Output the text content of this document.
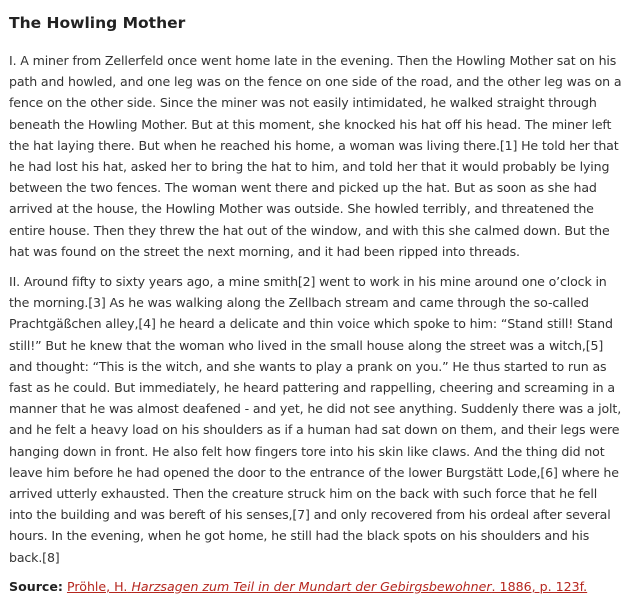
The Howling Mother

I. A miner from Zellerfeld once went home late in the evening. Then the Howling Mother sat on his path and howled, and one leg was on the fence on one side of the road, and the other leg was on a fence on the other side. Since the miner was not easily intimidated, he walked straight through beneath the Howling Mother. But at this moment, she knocked his hat off his head. The miner left the hat laying there. But when he reached his home, a woman was living there.[1] He told her that he had lost his hat, asked her to bring the hat to him, and told her that it would probably be lying between the two fences. The woman went there and picked up the hat. But as soon as she had arrived at the house, the Howling Mother was outside. She howled terribly, and threatened the entire house. Then they threw the hat out of the window, and with this she calmed down. But the hat was found on the street the next morning, and it had been ripped into threads.

II. Around fifty to sixty years ago, a mine smith[2] went to work in his mine around one o’clock in the morning.[3] As he was walking along the Zellbach stream and came through the so-called Prachtgäßchen alley,[4] he heard a delicate and thin voice which spoke to him: “Stand still! Stand still!” But he knew that the woman who lived in the small house along the street was a witch,[5] and thought: “This is the witch, and she wants to play a prank on you.” He thus started to run as fast as he could. But immediately, he heard pattering and rappelling, cheering and screaming in a manner that he was almost deafened - and yet, he did not see anything. Suddenly there was a jolt, and he felt a heavy load on his shoulders as if a human had sat down on them, and their legs were hanging down in front. He also felt how fingers tore into his skin like claws. And the thing did not leave him before he had opened the door to the entrance of the lower Burgstätt Lode,[6] where he arrived utterly exhausted. Then the creature struck him on the back with such force that he fell into the building and was bereft of his senses,[7] and only recovered from his ordeal after several hours. In the evening, when he got home, he still had the black spots on his shoulders and his back.[8]

Source: Pröhle, H. Harzsagen zum Teil in der Mundart der Gebirgsbewohner. 1886, p. 123f.
